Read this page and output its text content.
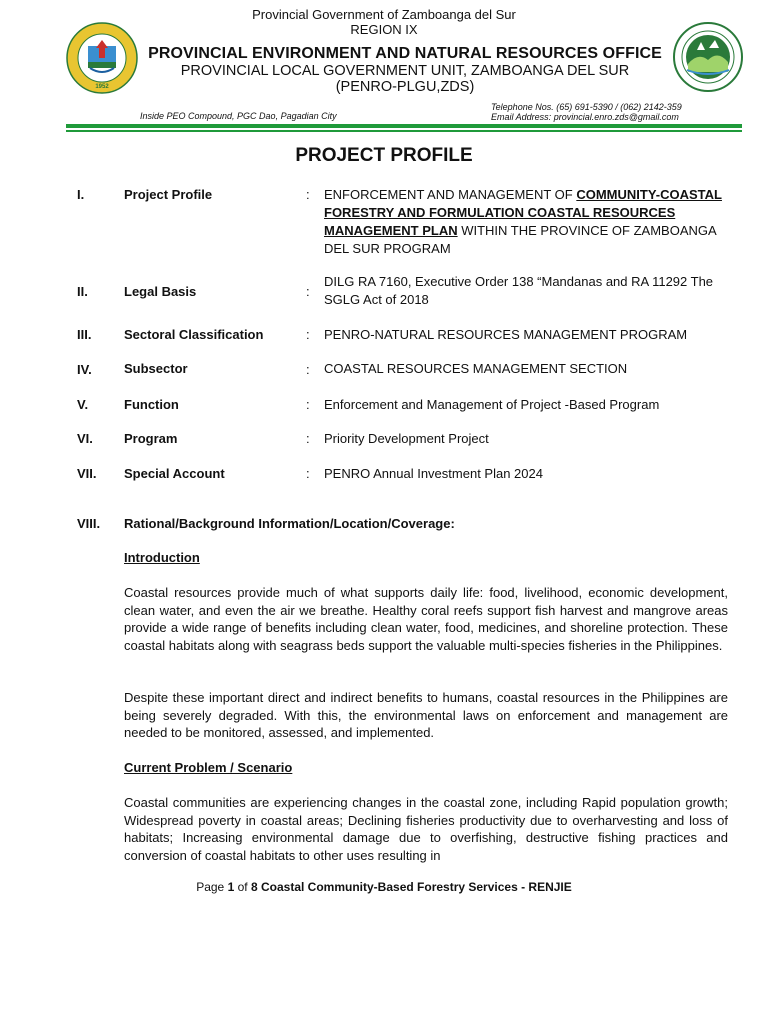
Provincial Government of Zamboanga del Sur
REGION IX
1952
PROVINCIAL ENVIRONMENT AND NATURAL RESOURCES OFFICE
PROVINCIAL LOCAL GOVERNMENT UNIT, ZAMBOANGA DEL SUR
(PENRO-PLGU,ZDS)
Inside PEO Compound, PGC Dao, Pagadian City
Telephone Nos. (65) 691-5390 / (062) 2142-359
Email Address: provincial.enro.zds@gmail.com
PROJECT PROFILE
I.	Project Profile	: ENFORCEMENT AND MANAGEMENT OF COMMUNITY-COASTAL FORESTRY AND FORMULATION COASTAL RESOURCES MANAGEMENT PLAN WITHIN THE PROVINCE OF ZAMBOANGA DEL SUR PROGRAM
II.	Legal Basis	:
DILG RA 7160, Executive Order 138 “Mandanas and RA 11292 The SGLG Act of 2018
III.	Sectoral Classification	: PENRO-NATURAL RESOURCES MANAGEMENT PROGRAM
IV. Subsector	: COASTAL RESOURCES MANAGEMENT SECTION
V.	Function	: Enforcement and Management of Project -Based Program
VI. Program	: Priority Development Project
VII. Special Account	: PENRO Annual Investment Plan 2024
VIII. Rational/Background Information/Location/Coverage:
Introduction

Coastal resources provide much of what supports daily life: food, livelihood, economic development, clean water, and even the air we breathe. Healthy coral reefs support fish harvest and mangrove areas provide a wide range of benefits including clean water, food, medicines, and shoreline protection. These coastal habitats along with seagrass beds support the valuable multi-species fisheries in the Philippines.

Despite these important direct and indirect benefits to humans, coastal resources in the Philippines are being severely degraded. With this, the environmental laws on enforcement and management are needed to be monitored, assessed, and implemented.

Current Problem / Scenario

Coastal communities are experiencing changes in the coastal zone, including Rapid population growth; Widespread poverty in coastal areas; Declining fisheries productivity due to overharvesting and loss of habitats; Increasing environmental damage due to overfishing, destructive fishing practices and conversion of coastal habitats to other uses resulting in

Page 1 of 8 Coastal Community-Based Forestry Services - RENJIE
